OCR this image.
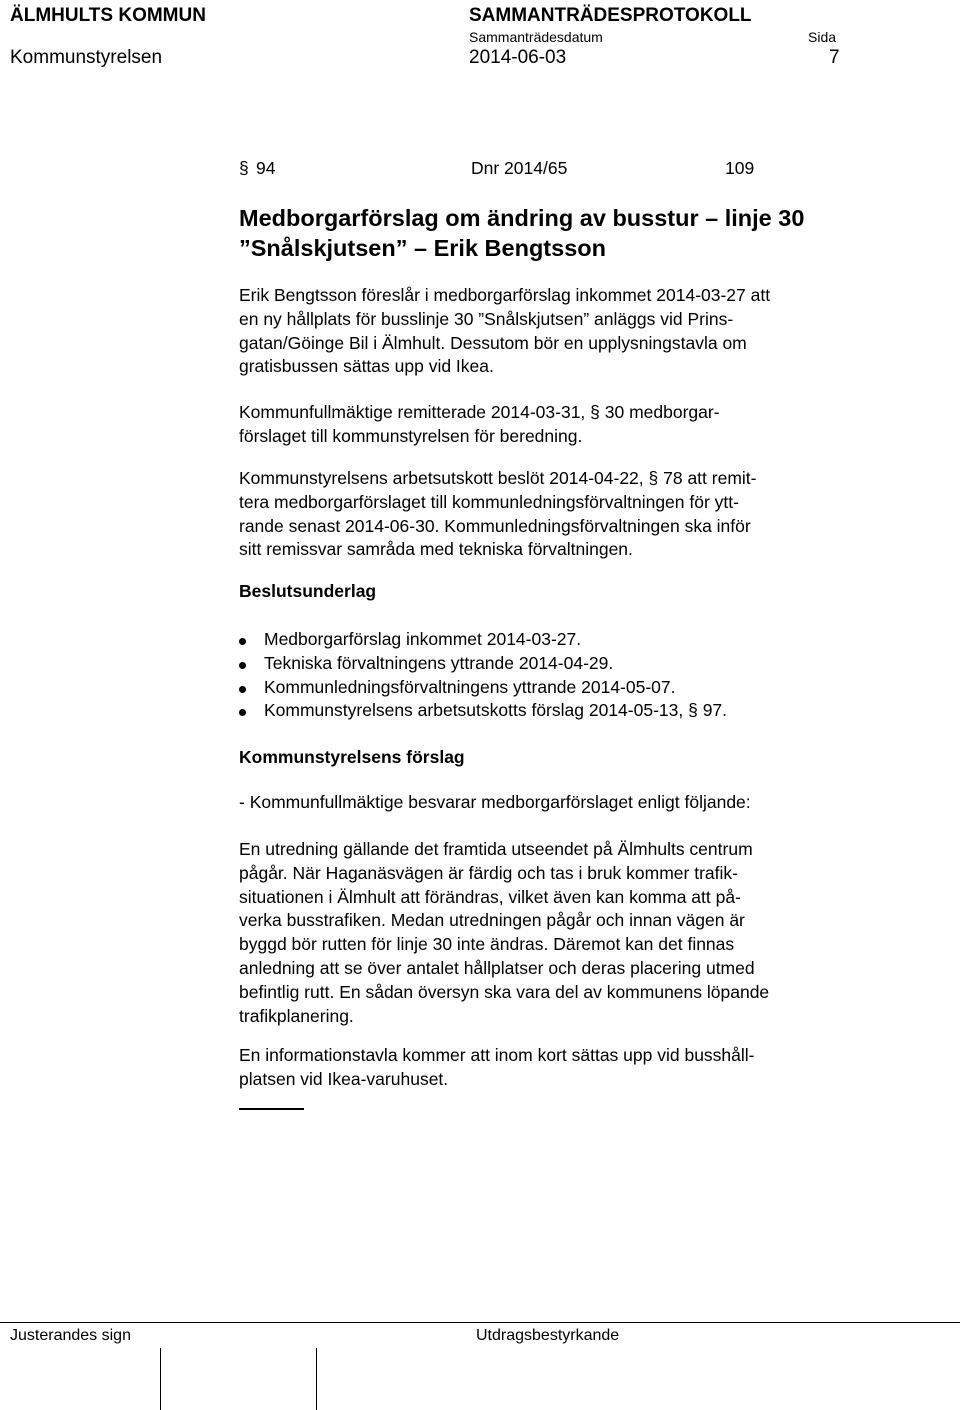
ÄLMHULTS KOMMUN	SAMMANTRÄDESPROTOKOLL
Sammanträdesdatum	Sida
Kommunstyrelsen	2014-06-03	7
§ 94	Dnr 2014/65	109
Medborgarförslag om ändring av busstur – linje 30
”Snålskjutsen” – Erik Bengtsson
Erik Bengtsson föreslår i medborgarförslag inkommet 2014-03-27 att
en ny hållplats för busslinje 30 ”Snålskjutsen” anläggs vid Prins-
gatan/Göinge Bil i Älmhult. Dessutom bör en upplysningstavla om
gratisbussen sättas upp vid Ikea.
Kommunfullmäktige remitterade 2014-03-31, § 30 medborgar-
förslaget till kommunstyrelsen för beredning.
Kommunstyrelsens arbetsutskott beslöt 2014-04-22, § 78 att remit-
tera medborgarförslaget till kommunledningsförvaltningen för ytt-
rande senast 2014-06-30. Kommunledningsförvaltningen ska inför
sitt remissvar samråda med tekniska förvaltningen.
Beslutsunderlag
Medborgarförslag inkommet 2014-03-27.
Tekniska förvaltningens yttrande 2014-04-29.
Kommunledningsförvaltningens yttrande 2014-05-07.
Kommunstyrelsens arbetsutskotts förslag 2014-05-13, § 97.
Kommunstyrelsens förslag
- Kommunfullmäktige besvarar medborgarförslaget enligt följande:
En utredning gällande det framtida utseendet på Älmhults centrum
pågår. När Haganäsvägen är färdig och tas i bruk kommer trafik-
situationen i Älmhult att förändras, vilket även kan komma att på-
verka busstrafiken. Medan utredningen pågår och innan vägen är
byggd bör rutten för linje 30 inte ändras. Däremot kan det finnas
anledning att se över antalet hållplatser och deras placering utmed
befintlig rutt. En sådan översyn ska vara del av kommunens löpande
trafikplanering.
En informationstavla kommer att inom kort sättas upp vid busshåll-
platsen vid Ikea-varuhuset.
Justerandes sign	Utdragsbestyrkande
